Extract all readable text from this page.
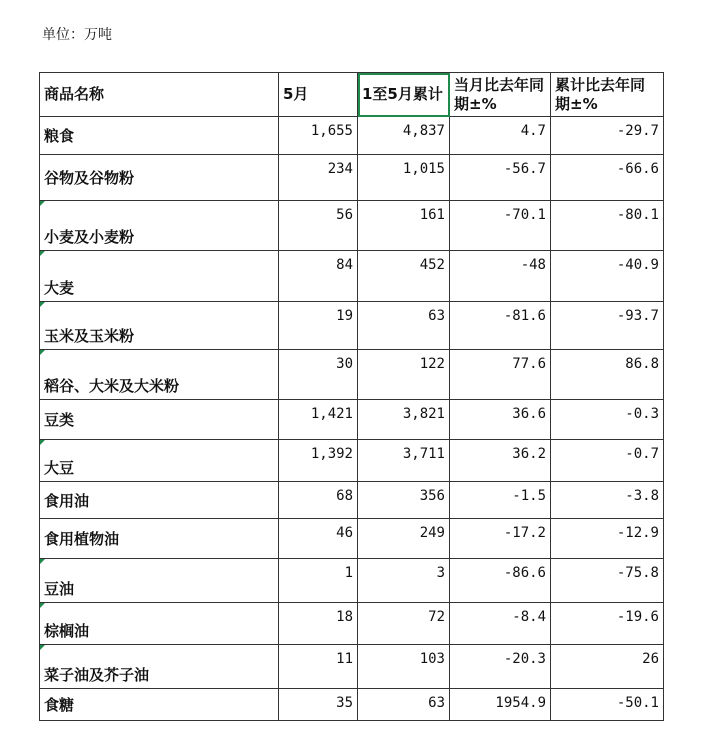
单位：万吨
商品名称	5月	1至5月累计	当月比去年同期±%	累计比去年同期±%
粮食	1,655	4,837	4.7	-29.7
谷物及谷物粉	234	1,015	-56.7	-66.6
小麦及小麦粉	56	161	-70.1	-80.1
大麦	84	452	-48	-40.9
玉米及玉米粉	19	63	-81.6	-93.7
稻谷、大米及大米粉	30	122	77.6	86.8
豆类	1,421	3,821	36.6	-0.3
大豆	1,392	3,711	36.2	-0.7
食用油	68	356	-1.5	-3.8
食用植物油	46	249	-17.2	-12.9
豆油	1	3	-86.6	-75.8
棕榈油	18	72	-8.4	-19.6
菜子油及芥子油	11	103	-20.3	26
食糖	35	63	1954.9	-50.1
